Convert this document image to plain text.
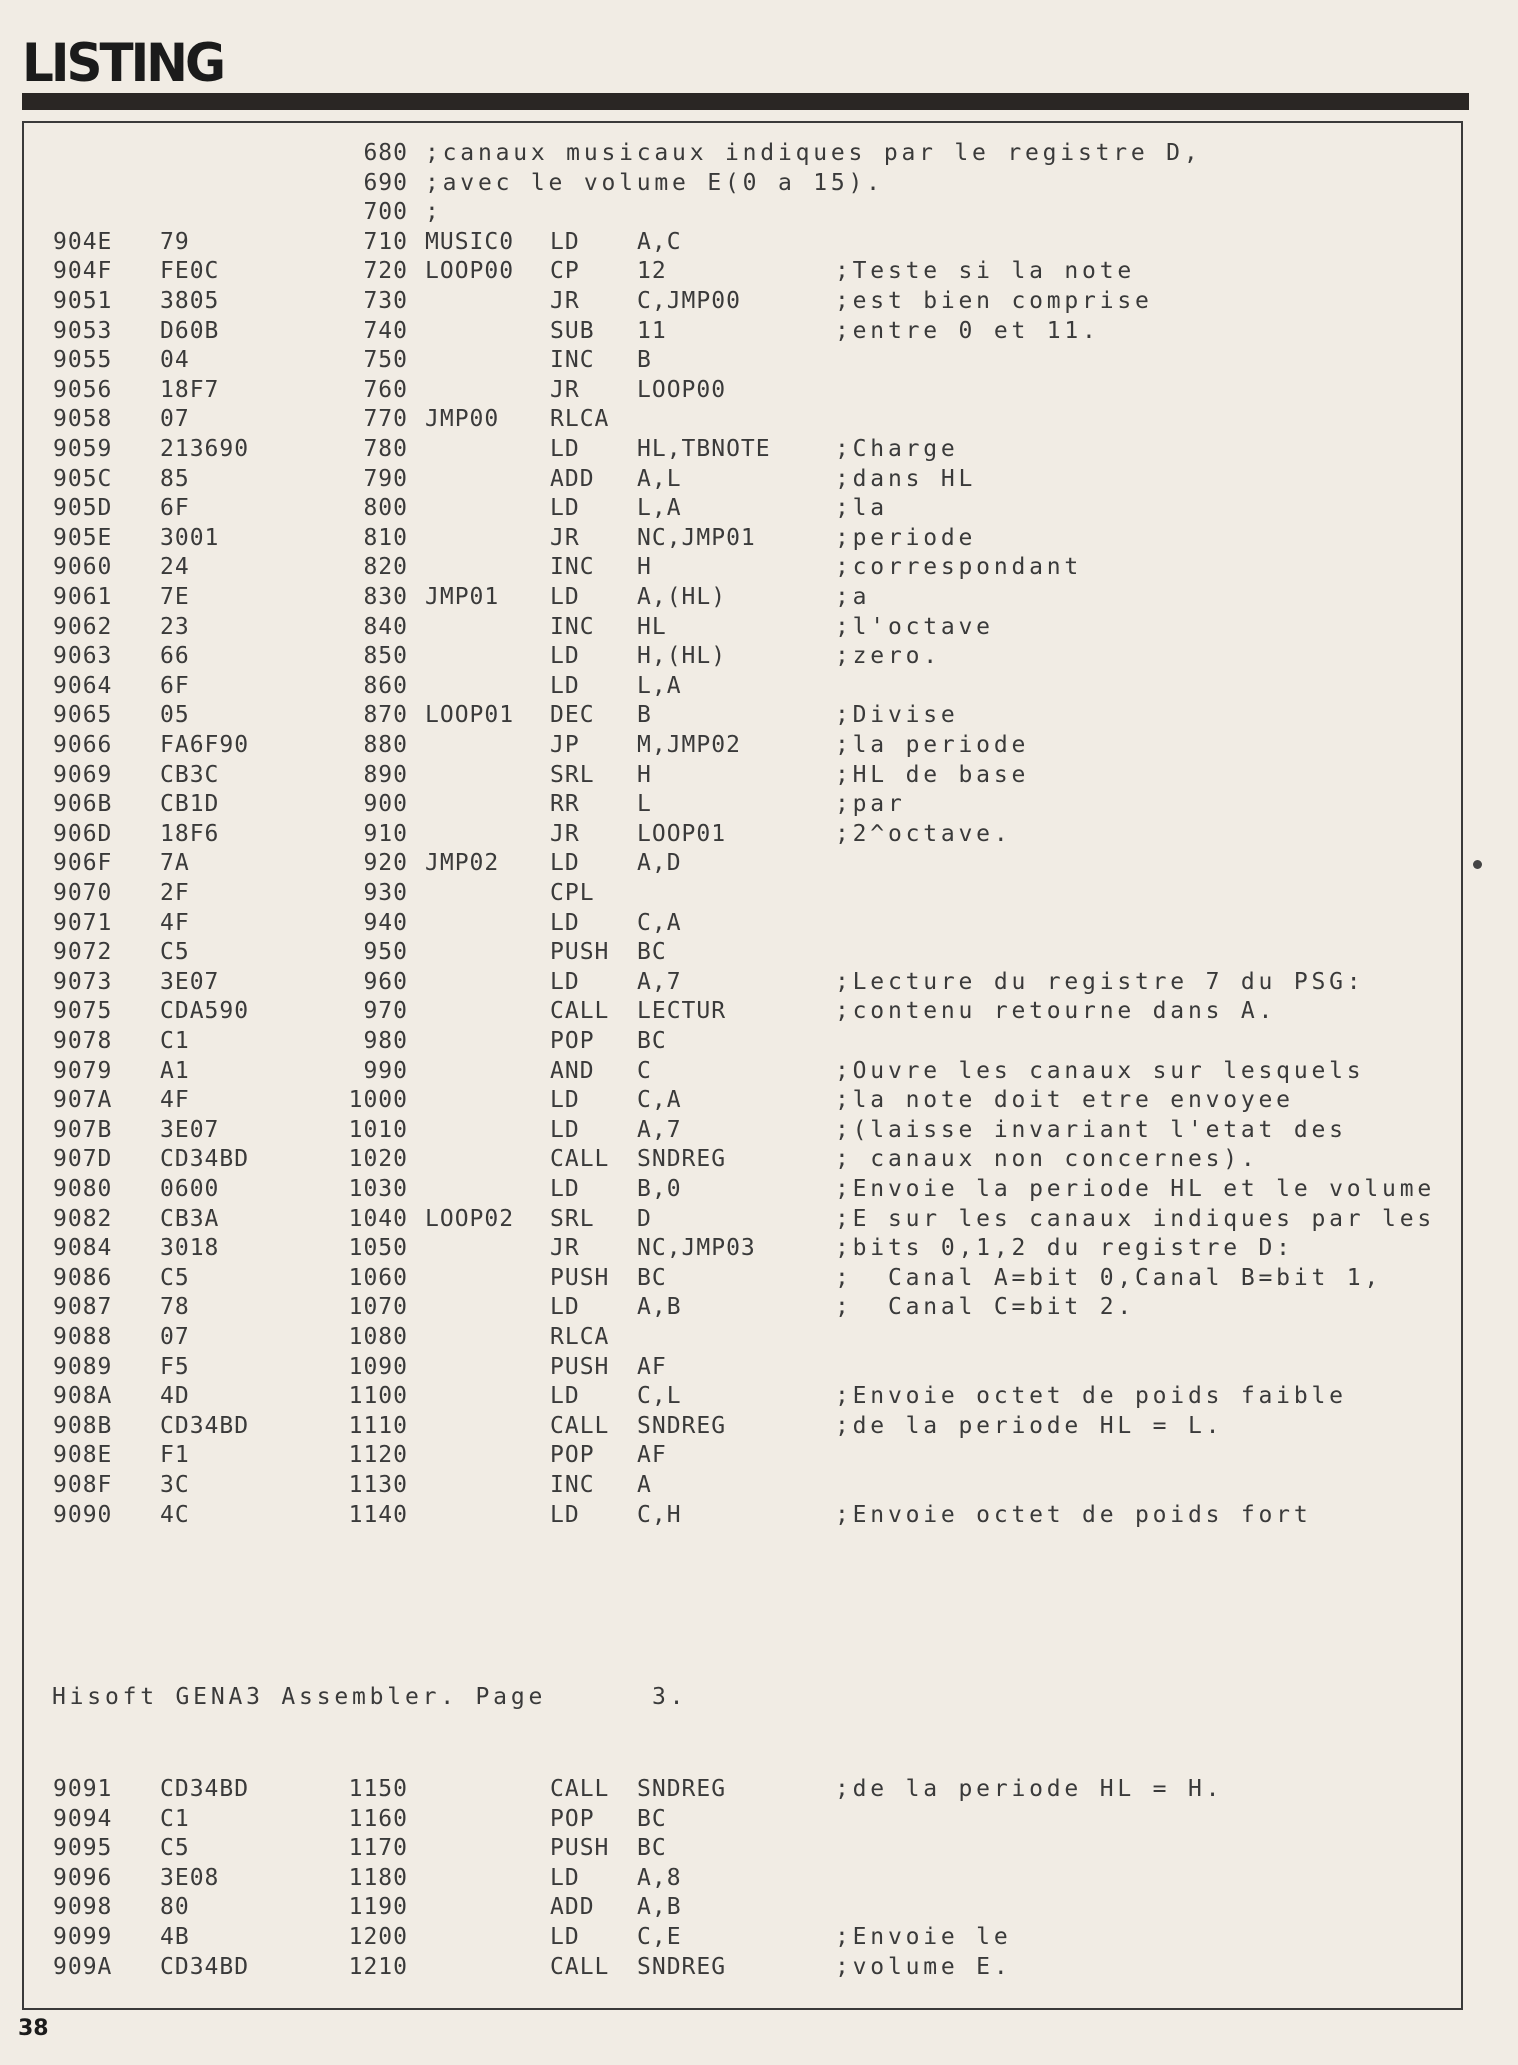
LISTING
680 ;canaux musicaux indiques par le registre D,
690 ;avec le volume E(0 a 15).
700 ;
904E 79	710 MUSIC0 LD A,C
904F FE0C	720 LOOP00 CP 12	;Teste si la note
9051 3805	730	JR C,JMP00	;est bien comprise
9053 D60B	740	SUB 11	;entre 0 et 11.
9055 04	750	INC B
9056 18F7	760	JR LOOP00
9058 07	770 JMP00 RLCA
9059 213690	780	LD HL,TBNOTE	;Charge
905C 85	790	ADD A,L	;dans HL
905D 6F	800	LD L,A	;la
905E 3001	810	JR NC,JMP01	;periode
9060 24	820	INC H	;correspondant
9061 7E	830 JMP01 LD A,(HL)	;a
9062 23	840	INC HL	;l'octave
9063 66	850	LD H,(HL)	;zero.
9064 6F	860	LD L,A
9065 05	870 LOOP01 DEC B	;Divise
9066 FA6F90	880	JP M,JMP02	;la periode
9069 CB3C	890	SRL H	;HL de base
906B CB1D	900	RR L	;par
906D 18F6	910	JR LOOP01	;2^octave.
906F 7A	920 JMP02 LD A,D
9070 2F	930	CPL
9071 4F	940	LD C,A
9072 C5	950	PUSH BC
9073 3E07	960	LD A,7	;Lecture du registre 7 du PSG:
9075 CDA590	970	CALL LECTUR	;contenu retourne dans A.
9078 C1	980	POP BC
9079 A1	990	AND C	;Ouvre les canaux sur lesquels
907A 4F	1000	LD C,A	;la note doit etre envoyee
907B 3E07	1010	LD A,7	;(laisse invariant l'etat des
907D CD34BD	1020	CALL SNDREG	; canaux non concernes).
9080 0600	1030	LD B,0	;Envoie la periode HL et le volume
9082 CB3A	1040 LOOP02 SRL D	;E sur les canaux indiques par les
9084 3018	1050	JR NC,JMP03	;bits 0,1,2 du registre D:
9086 C5	1060	PUSH BC	;  Canal A=bit 0,Canal B=bit 1,
9087 78	1070	LD A,B	;  Canal C=bit 2.
9088 07	1080	RLCA
9089 F5	1090	PUSH AF
908A 4D	1100	LD C,L	;Envoie octet de poids faible
908B CD34BD	1110	CALL SNDREG	;de la periode HL = L.
908E F1	1120	POP AF
908F 3C	1130	INC A
9090 4C	1140	LD C,H	;Envoie octet de poids fort
9091 CD34BD	1150	CALL SNDREG	;de la periode HL = H.
9094 C1	1160	POP BC
9095 C5	1170	PUSH BC
9096 3E08	1180	LD A,8
9098 80	1190	ADD A,B
9099 4B	1200	LD C,E	;Envoie le
909A CD34BD	1210	CALL SNDREG	;volume E.
Hisoft GENA3 Assembler. Page      3.
38
